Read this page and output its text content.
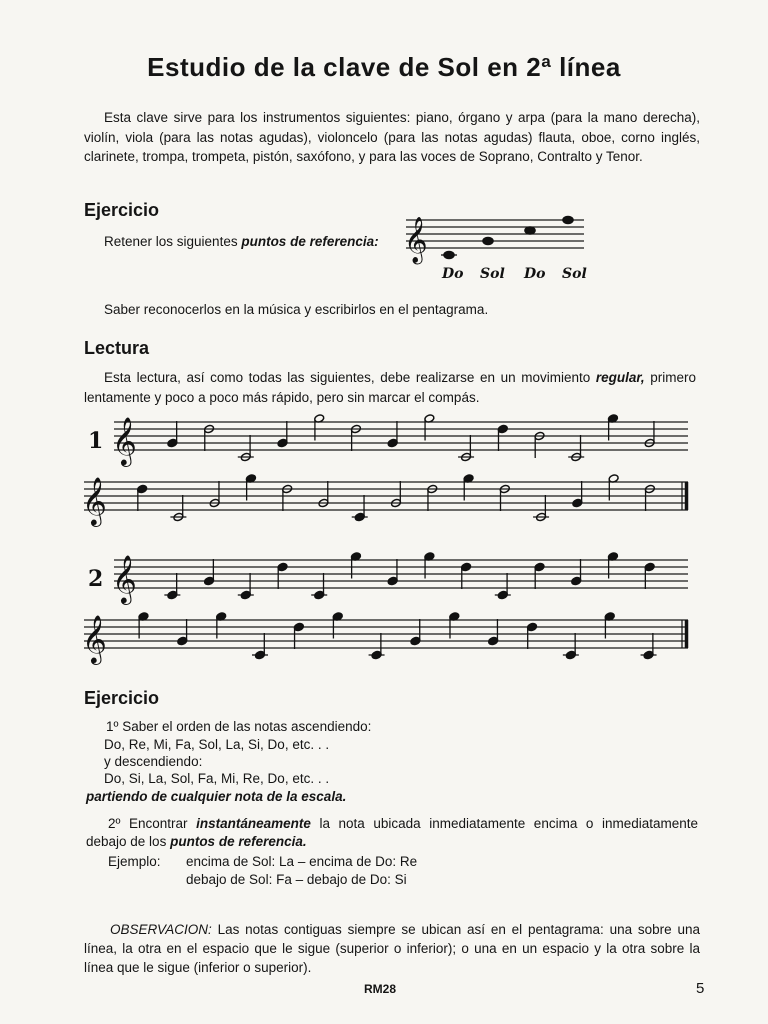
Estudio de la clave de Sol en 2ª línea
Esta clave sirve para los instrumentos siguientes: piano, órgano y arpa (para la mano derecha), violín, viola (para las notas agudas), violoncelo (para las notas agudas) flauta, oboe, corno inglés, clarinete, trompa, trompeta, pistón, saxófono, y para las voces de Soprano, Contralto y Tenor.
Ejercicio
Retener los siguientes puntos de referencia: 𝄞
Do Sol Do Sol
Saber reconocerlos en la música y escribirlos en el pentagrama.
Lectura
Esta lectura, así como todas las siguientes, debe realizarse en un movimiento regular, primero lentamente y poco a poco más rápido, pero sin marcar el compás.
1
2
𝄞
𝄞
𝄞
𝄞
Ejercicio
1º Saber el orden de las notas ascendiendo:
Do, Re, Mi, Fa, Sol, La, Si, Do, etc. . .
y descendiendo:
Do, Si, La, Sol, Fa, Mi, Re, Do, etc. . .
partiendo de cualquier nota de la escala.
2º Encontrar instantáneamente la nota ubicada inmediatamente encima o inmediatamente debajo de los puntos de referencia.
Ejemplo: encima de Sol: La – encima de Do: Re
debajo de Sol: Fa – debajo de Do: Si
OBSERVACION: Las notas contiguas siempre se ubican así en el pentagrama: una sobre una línea, la otra en el espacio que le sigue (superior o inferior); o una en un espacio y la otra sobre la línea que le sigue (inferior o superior).
RM28	5
